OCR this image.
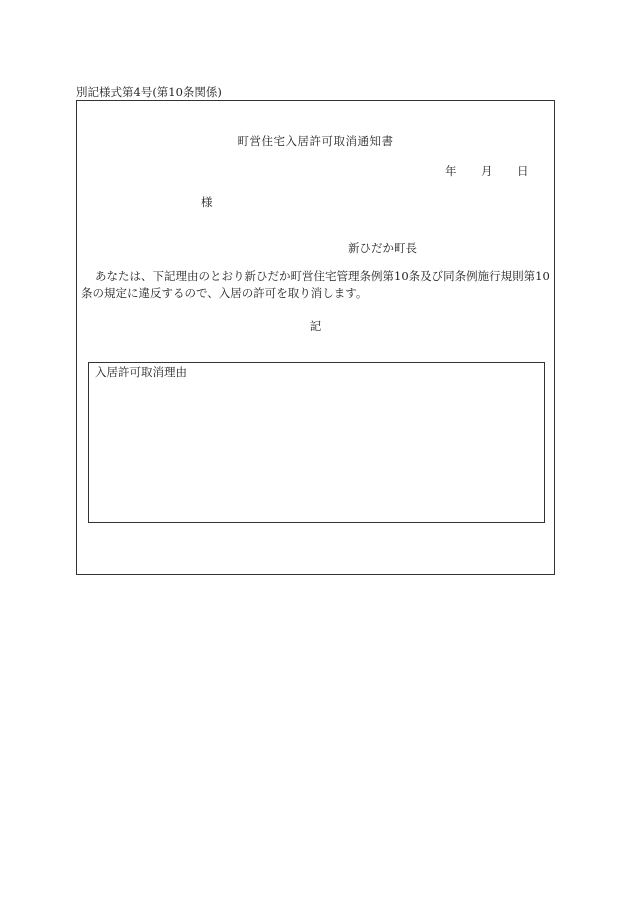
別記様式第4号(第10条関係)
町営住宅入居許可取消通知書
年 月 日
様
新ひだか町長
あなたは、下記理由のとおり新ひだか町営住宅管理条例第10条及び同条例施行規則第10条の規定に違反するので、入居の許可を取り消します。
記
入居許可取消理由
